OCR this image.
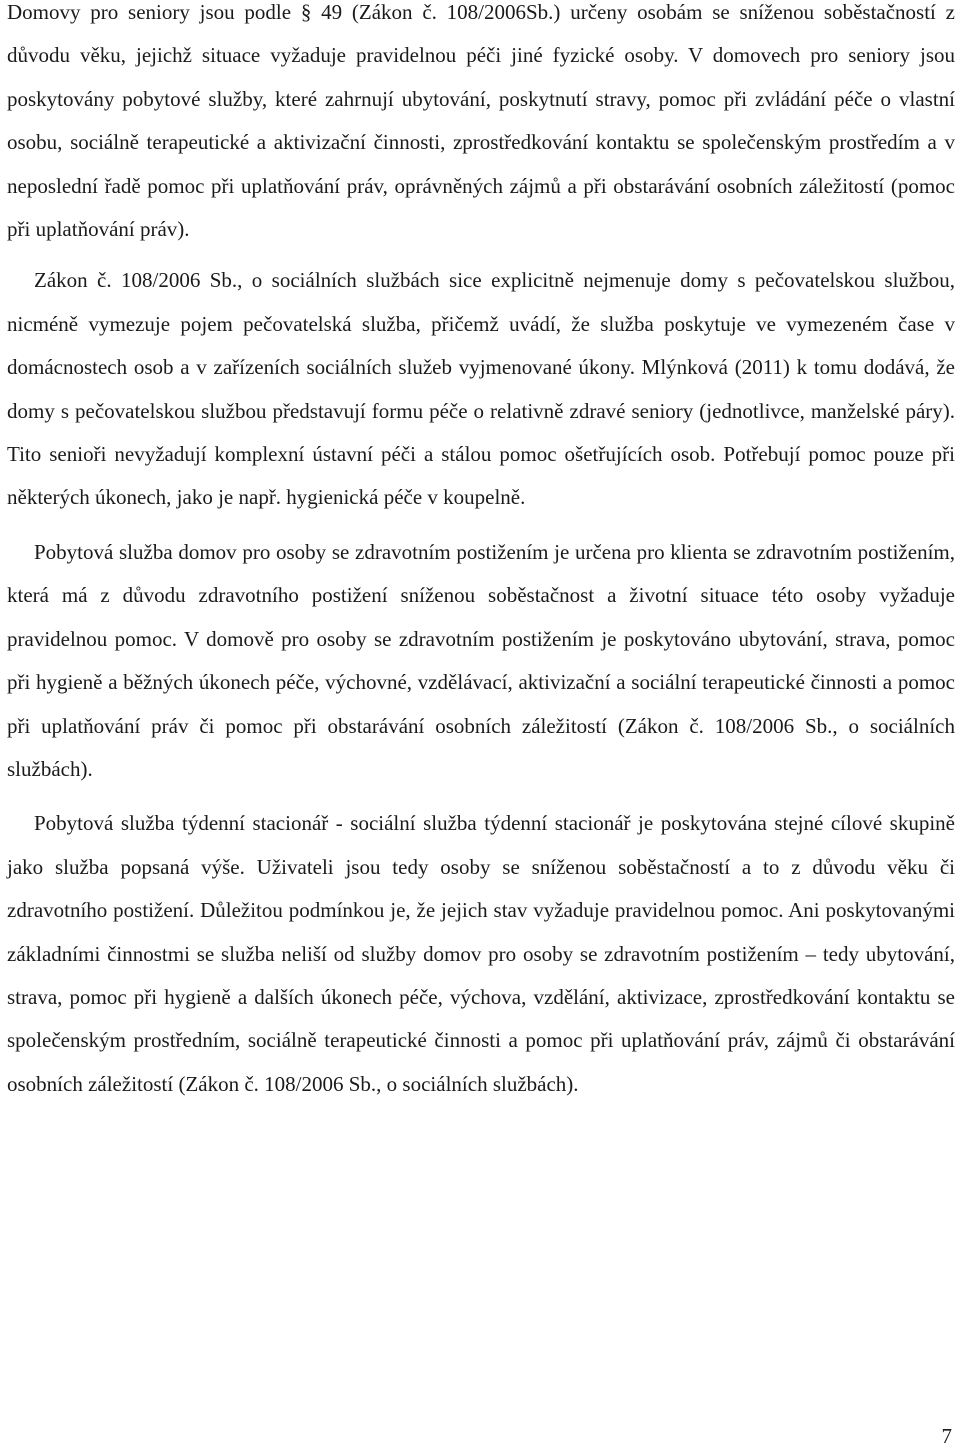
Domovy pro seniory jsou podle § 49 (Zákon č. 108/2006Sb.) určeny osobám se sníženou soběstačností z důvodu věku, jejichž situace vyžaduje pravidelnou péči jiné fyzické osoby. V domovech pro seniory jsou poskytovány pobytové služby, které zahrnují ubytování, poskytnutí stravy, pomoc při zvládání péče o vlastní osobu, sociálně terapeutické a aktivizační činnosti, zprostředkování kontaktu se společenským prostředím a v neposlední řadě pomoc při uplatňování práv, oprávněných zájmů a při obstarávání osobních záležitostí (pomoc při uplatňování práv).

Zákon č. 108/2006 Sb., o sociálních službách sice explicitně nejmenuje domy s pečovatelskou službou, nicméně vymezuje pojem pečovatelská služba, přičemž uvádí, že služba poskytuje ve vymezeném čase v domácnostech osob a v zařízeních sociálních služeb vyjmenované úkony. Mlýnková (2011) k tomu dodává, že domy s pečovatelskou službou představují formu péče o relativně zdravé seniory (jednotlivce, manželské páry). Tito senioři nevyžadují komplexní ústavní péči a stálou pomoc ošetřujících osob. Potřebují pomoc pouze při některých úkonech, jako je např. hygienická péče v koupelně.

Pobytová služba domov pro osoby se zdravotním postižením je určena pro klienta se zdravotním postižením, která má z důvodu zdravotního postižení sníženou soběstačnost a životní situace této osoby vyžaduje pravidelnou pomoc. V domově pro osoby se zdravotním postižením je poskytováno ubytování, strava, pomoc při hygieně a běžných úkonech péče, výchovné, vzdělávací, aktivizační a sociální terapeutické činnosti a pomoc při uplatňování práv či pomoc při obstarávání osobních záležitostí (Zákon č. 108/2006 Sb., o sociálních službách).

Pobytová služba týdenní stacionář - sociální služba týdenní stacionář je poskytována stejné cílové skupině jako služba popsaná výše. Uživateli jsou tedy osoby se sníženou soběstačností a to z důvodu věku či zdravotního postižení. Důležitou podmínkou je, že jejich stav vyžaduje pravidelnou pomoc. Ani poskytovanými základními činnostmi se služba neliší od služby domov pro osoby se zdravotním postižením – tedy ubytování, strava, pomoc při hygieně a dalších úkonech péče, výchova, vzdělání, aktivizace, zprostředkování kontaktu se společenským prostředním, sociálně terapeutické činnosti a pomoc při uplatňování práv, zájmů či obstarávání osobních záležitostí (Zákon č. 108/2006 Sb., o sociálních službách).

7
